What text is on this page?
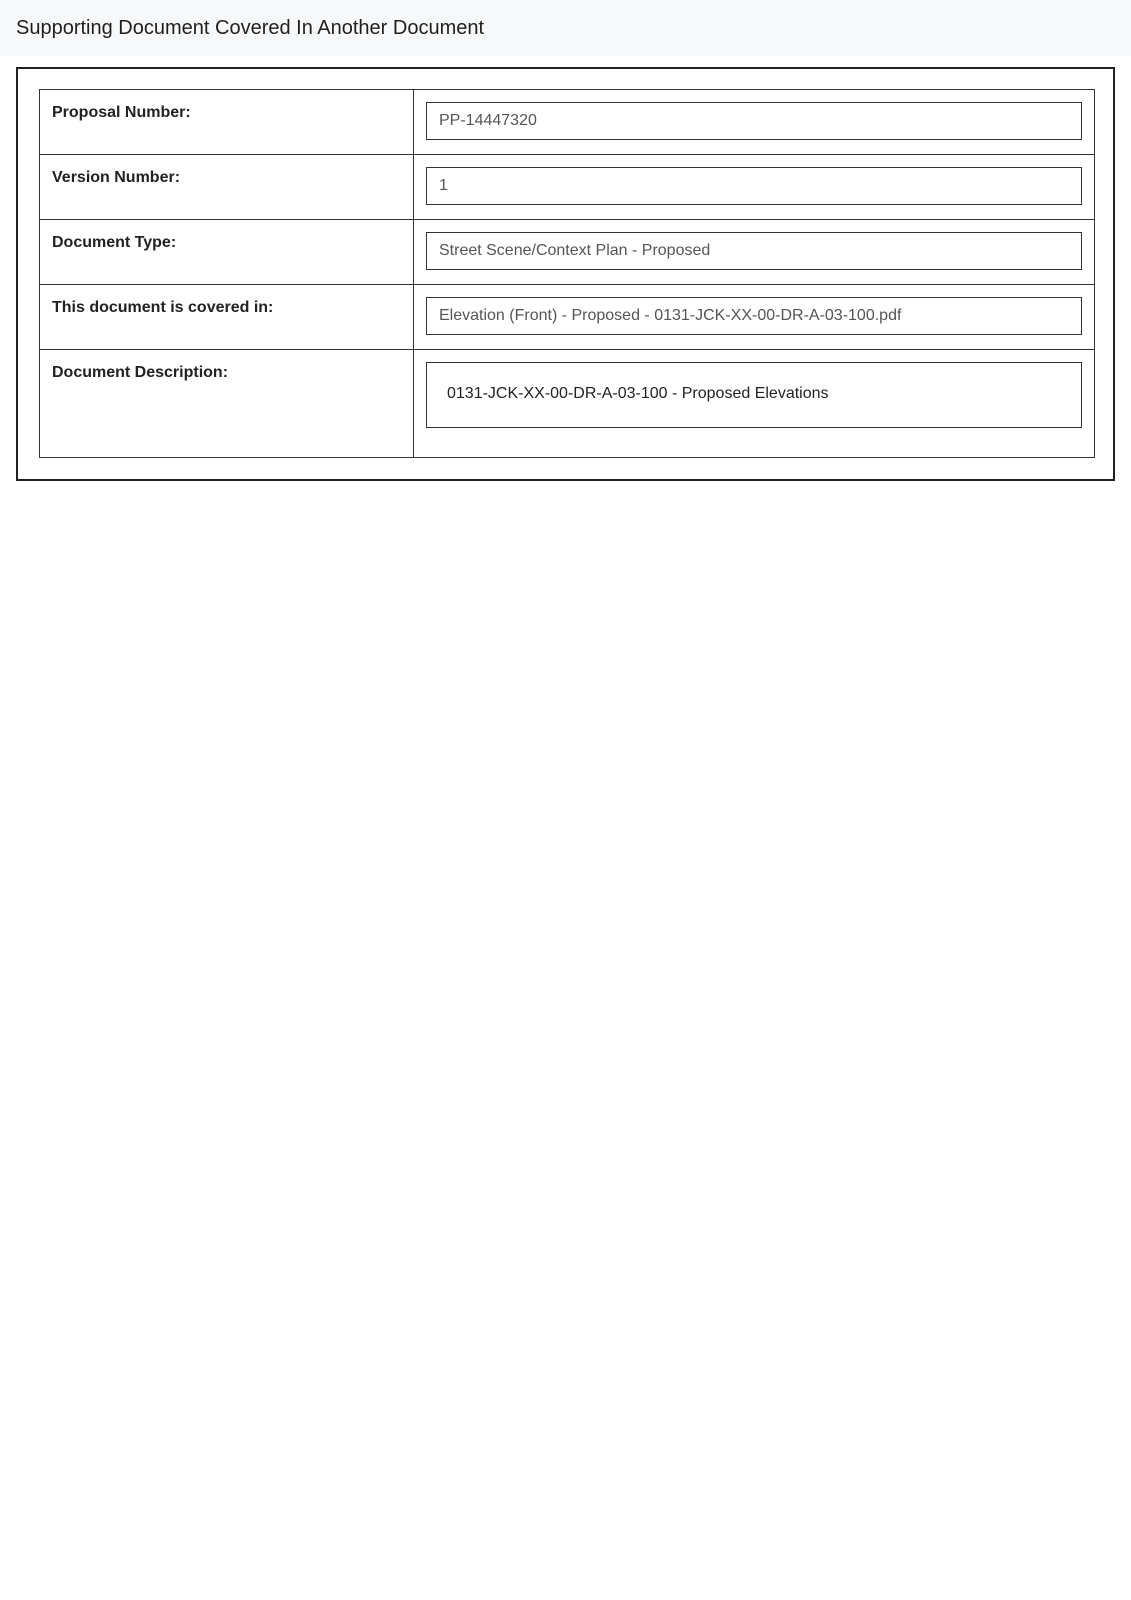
Supporting Document Covered In Another Document
Proposal Number:	PP-14447320

Version Number:	1

Document Type:	Street Scene/Context Plan - Proposed

This document is covered in:	Elevation (Front) - Proposed - 0131-JCK-XX-00-DR-A-03-100.pdf

Document Description:	0131-JCK-XX-00-DR-A-03-100 - Proposed Elevations
